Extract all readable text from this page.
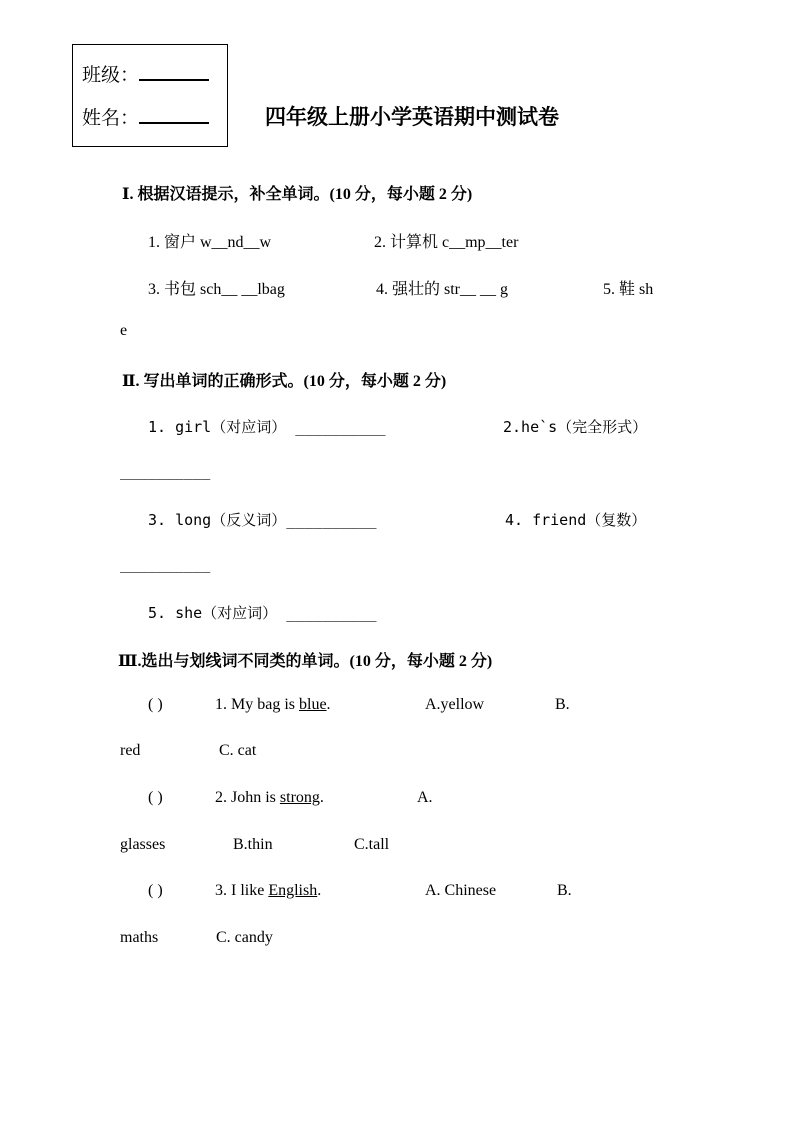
班级：
姓名：	四年级上册小学英语期中测试卷
Ⅰ. 根据汉语提示，补全单词。(10 分，每小题 2 分)
1. 窗户 w__nd__w	2. 计算机 c__mp__ter
3. 书包 sch__ __lbag	4. 强壮的 str__ __ g	5. 鞋 sh
e
Ⅱ. 写出单词的正确形式。(10 分，每小题 2 分)
1. girl（对应词） __________	2.he`s（完全形式）
__________
3. long（反义词）__________	4. friend（复数）
__________
5. she（对应词） __________
Ⅲ.选出与划线词不同类的单词。(10 分，每小题 2 分)
( )	1. My bag is blue.	A.yellow	B.
red	C. cat
( )	2. John is strong.	A.
glasses	B.thin	C.tall
( )	3. I like English.	A. Chinese	B.
maths	C. candy
